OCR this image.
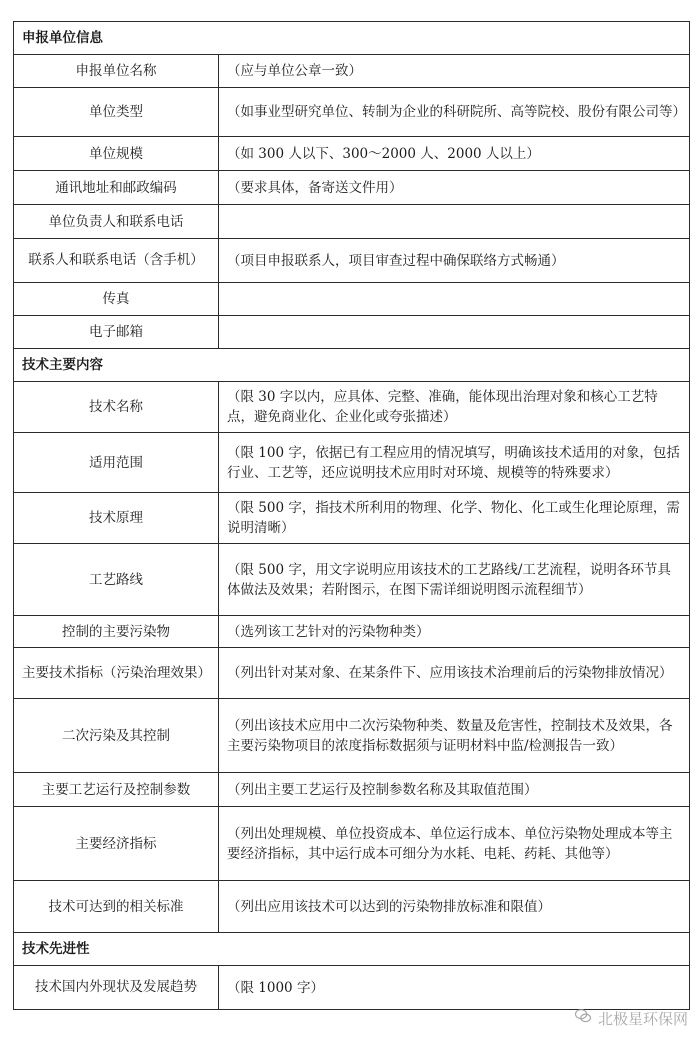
申报单位信息	
申报单位名称	（应与单位公章一致）
单位类型	（如事业型研究单位、转制为企业的科研院所、高等院校、股份有限公司等）
单位规模	（如 300 人以下、300～2000 人、2000 人以上）
通讯地址和邮政编码	（要求具体，备寄送文件用）
单位负责人和联系电话	
联系人和联系电话（含手机）	（项目申报联系人，项目审查过程中确保联络方式畅通）
传真	
电子邮箱	
技术主要内容	
技术名称	（限 30 字以内，应具体、完整、准确，能体现出治理对象和核心工艺特点，避免商业化、企业化或夸张描述）
适用范围	（限 100 字，依据已有工程应用的情况填写，明确该技术适用的对象，包括行业、工艺等，还应说明技术应用时对环境、规模等的特殊要求）
技术原理	（限 500 字，指技术所利用的物理、化学、物化、化工或生化理论原理，需说明清晰）
工艺路线	（限 500 字，用文字说明应用该技术的工艺路线/工艺流程，说明各环节具体做法及效果；若附图示，在图下需详细说明图示流程细节）
控制的主要污染物	（选列该工艺针对的污染物种类）
主要技术指标（污染治理效果）	（列出针对某对象、在某条件下、应用该技术治理前后的污染物排放情况）
二次污染及其控制	（列出该技术应用中二次污染物种类、数量及危害性，控制技术及效果，各主要污染物项目的浓度指标数据须与证明材料中监/检测报告一致）
主要工艺运行及控制参数	（列出主要工艺运行及控制参数名称及其取值范围）
主要经济指标	（列出处理规模、单位投资成本、单位运行成本、单位污染物处理成本等主要经济指标，其中运行成本可细分为水耗、电耗、药耗、其他等）
技术可达到的相关标准	（列出应用该技术可以达到的污染物排放标准和限值）
技术先进性	
技术国内外现状及发展趋势	（限 1000 字）
北极星环保网
